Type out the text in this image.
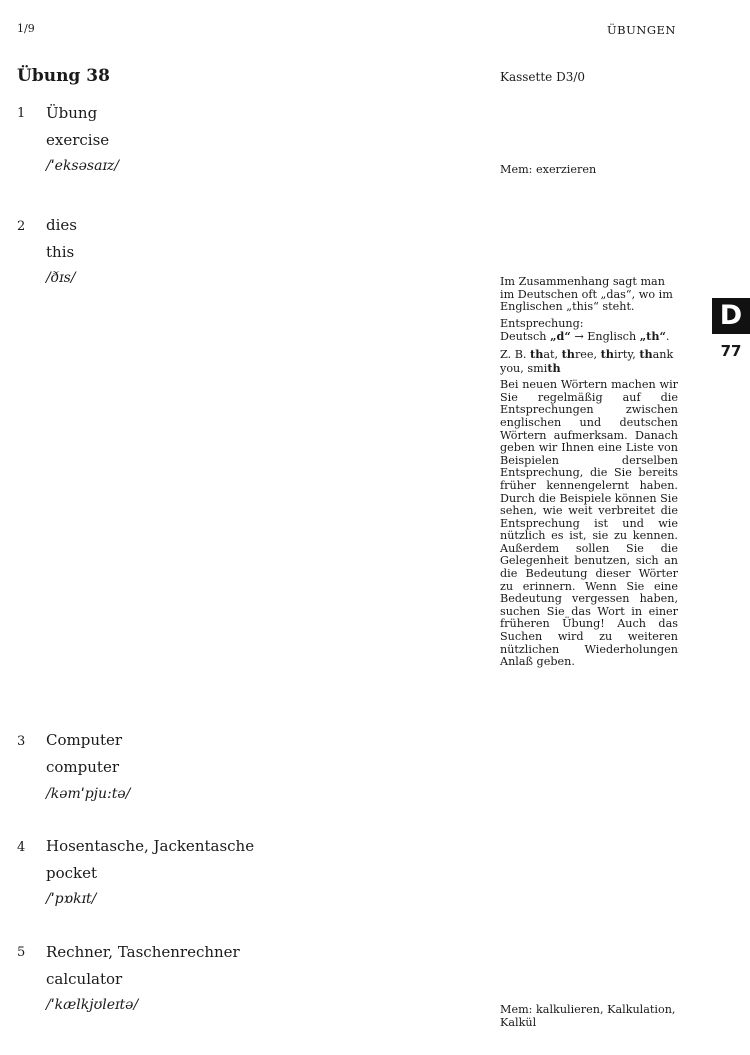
1/9	ÜBUNGEN
Übung 38	Kassette D3/0
1 Übung
exercise
/ˈeksəsaɪz/
2 dies
this
/ðɪs/
3 Computer
computer
/kəmˈpju:tə/
4 Hosentasche, Jackentasche
pocket
/ˈpɒkɪt/
5 Rechner, Taschenrechner
calculator
/ˈkælkjʊleɪtə/
Mem: exerzieren

Im Zusammenhang sagt man im Deutschen oft „das“, wo im Englischen „this“ steht.

Entsprechung:
Deutsch „d“ → Englisch „th“.

Z. B. that, three, thirty, thank you, smith

Bei neuen Wörtern machen wir Sie regelmäßig auf die Entsprechungen zwischen englischen und deutschen Wörtern aufmerksam. Danach geben wir Ihnen eine Liste von Beispielen derselben Entsprechung, die Sie bereits früher kennengelernt haben. Durch die Beispiele können Sie sehen, wie weit verbreitet die Entsprechung ist und wie nützlich es ist, sie zu kennen. Außerdem sollen Sie die Gelegenheit benutzen, sich an die Bedeutung dieser Wörter zu erinnern. Wenn Sie eine Bedeutung vergessen haben, suchen Sie das Wort in einer früheren Übung! Auch das Suchen wird zu weiteren nützlichen Wiederholungen Anlaß geben.

Mem: kalkulieren, Kalkulation, Kalkül
D
77
